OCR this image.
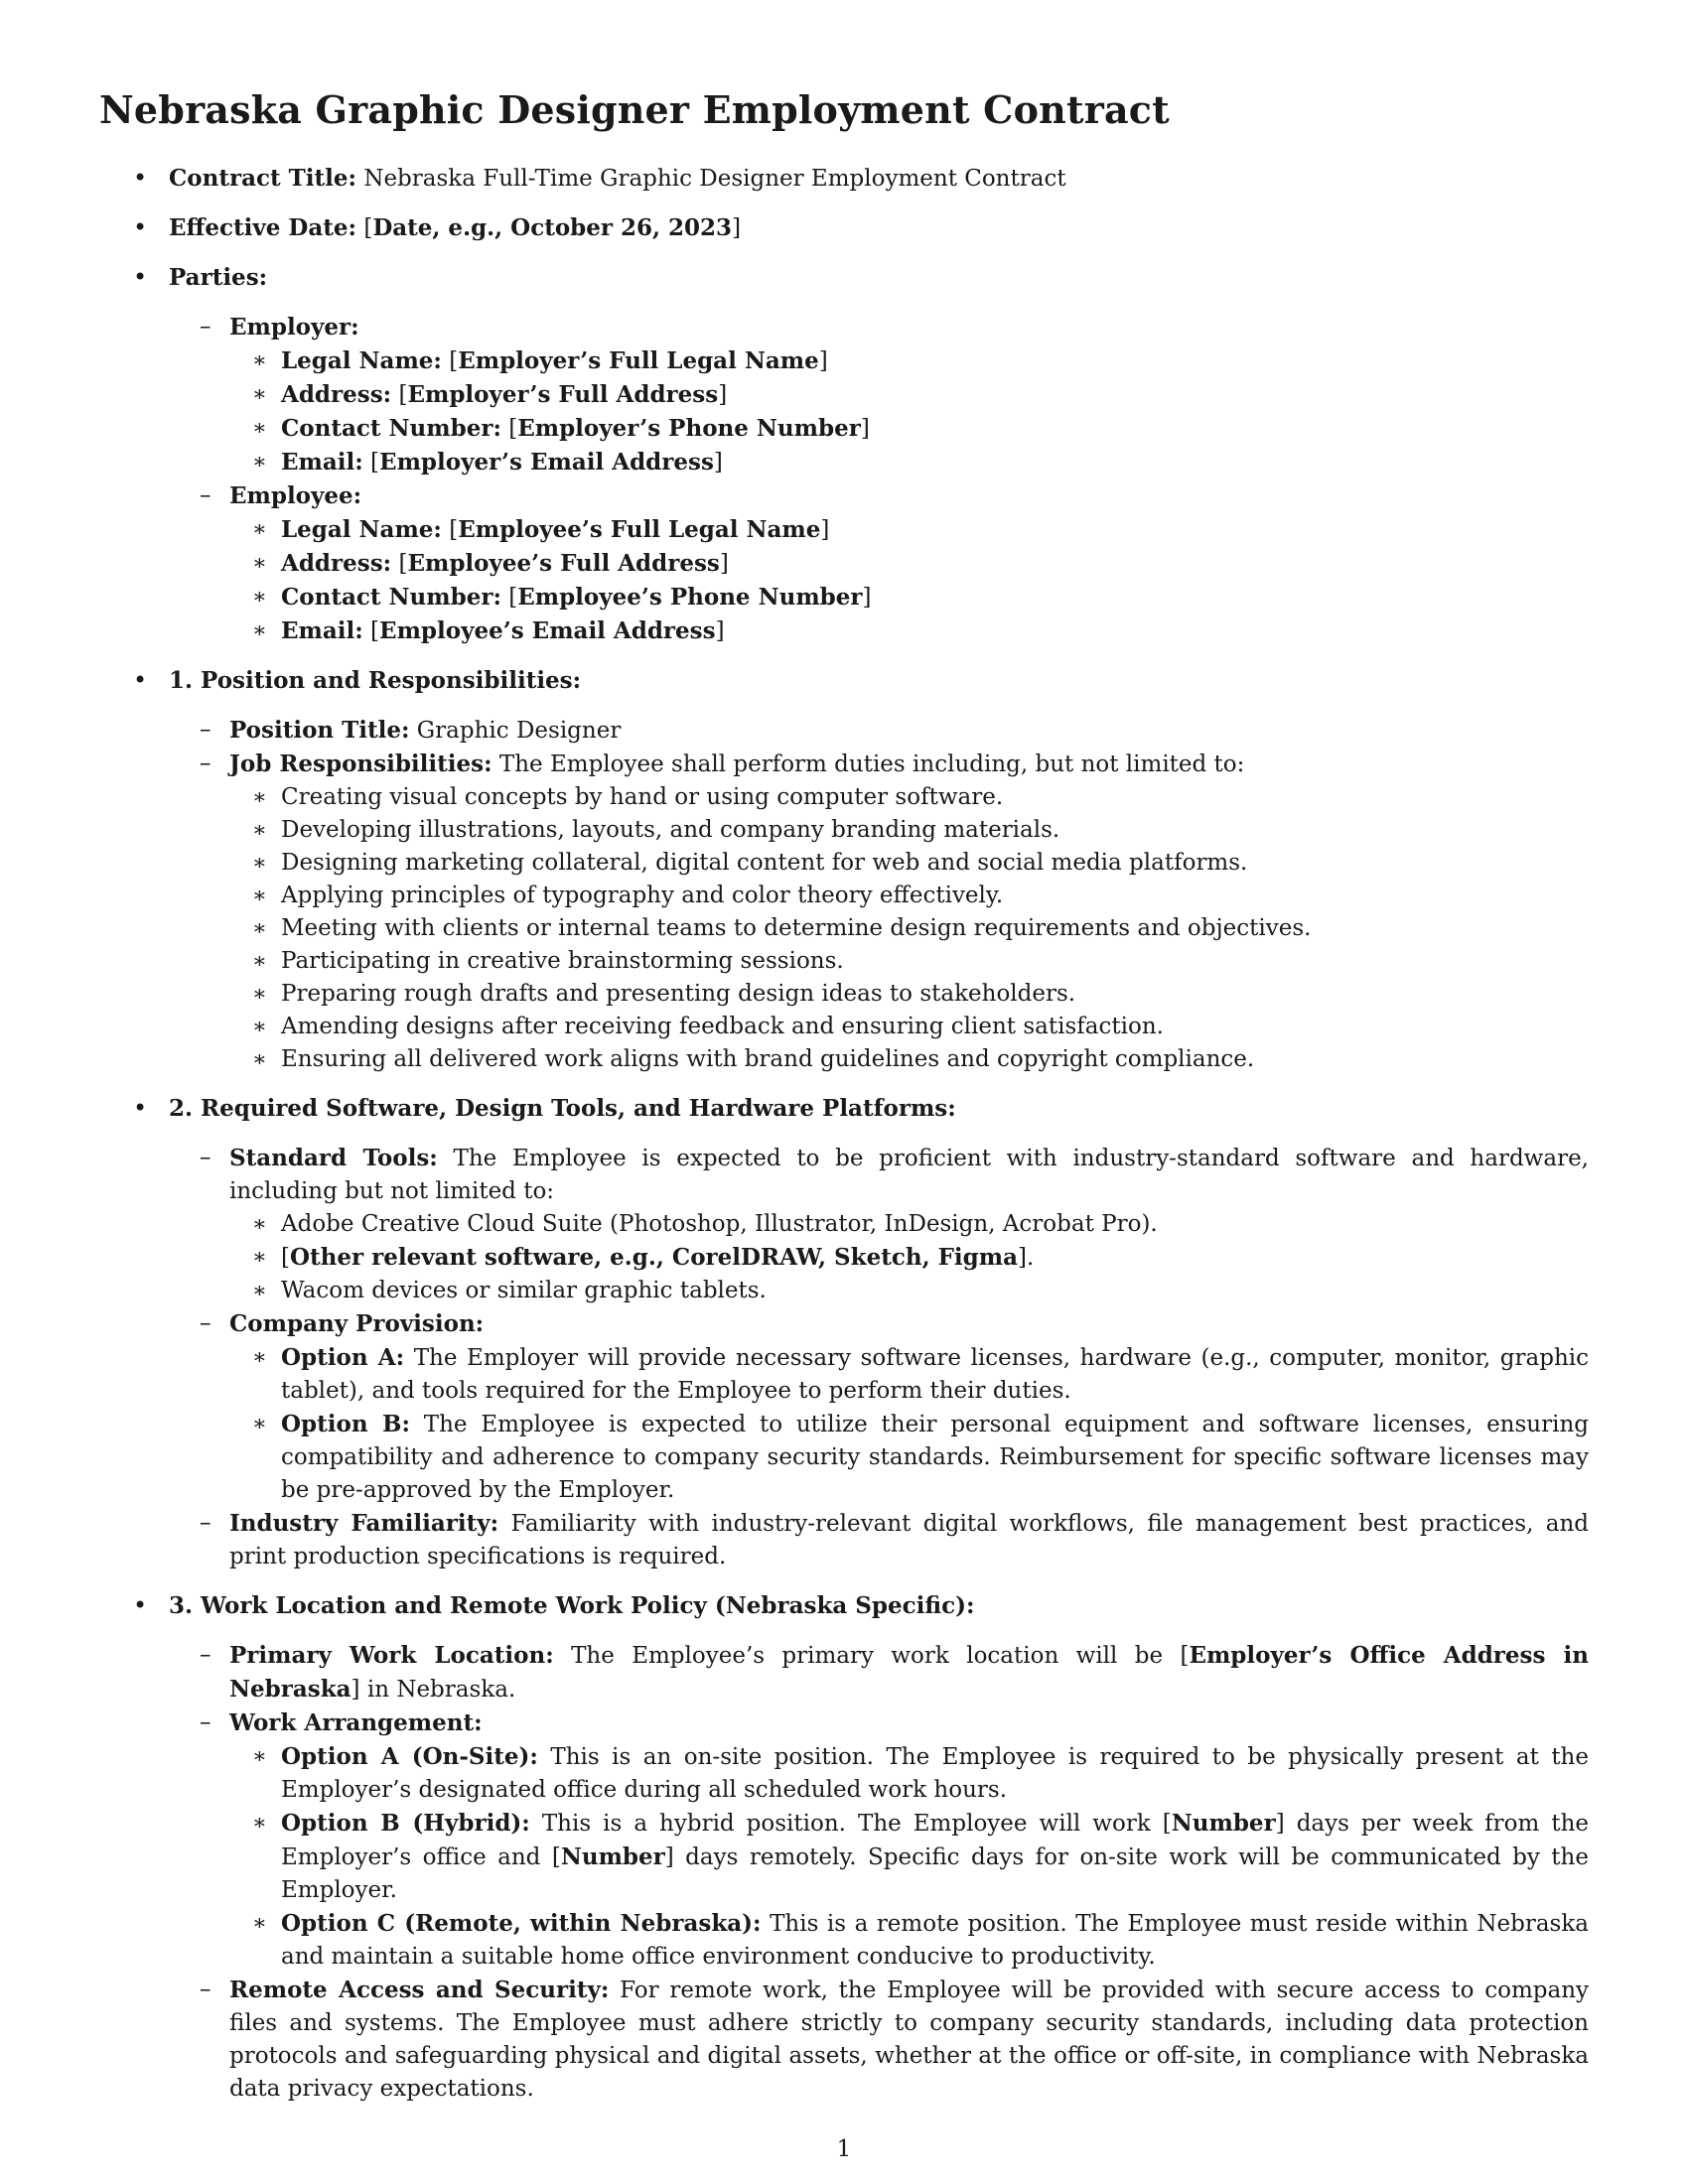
Nebraska Graphic Designer Employment Contract
• Contract Title: Nebraska Full-Time Graphic Designer Employment Contract
• Effective Date: [Date, e.g., October 26, 2023]
• Parties:
– Employer:
∗ Legal Name: [Employer’s Full Legal Name]
∗ Address: [Employer’s Full Address]
∗ Contact Number: [Employer’s Phone Number]
∗ Email: [Employer’s Email Address]
– Employee:
∗ Legal Name: [Employee’s Full Legal Name]
∗ Address: [Employee’s Full Address]
∗ Contact Number: [Employee’s Phone Number]
∗ Email: [Employee’s Email Address]
• 1. Position and Responsibilities:
– Position Title: Graphic Designer
– Job Responsibilities: The Employee shall perform duties including, but not limited to:
∗ Creating visual concepts by hand or using computer software.
∗ Developing illustrations, layouts, and company branding materials.
∗ Designing marketing collateral, digital content for web and social media platforms.
∗ Applying principles of typography and color theory effectively.
∗ Meeting with clients or internal teams to determine design requirements and objectives.
∗ Participating in creative brainstorming sessions.
∗ Preparing rough drafts and presenting design ideas to stakeholders.
∗ Amending designs after receiving feedback and ensuring client satisfaction.
∗ Ensuring all delivered work aligns with brand guidelines and copyright compliance.
• 2. Required Software, Design Tools, and Hardware Platforms:
– Standard Tools: The Employee is expected to be proficient with industry-standard software and hardware, including but not limited to:
∗ Adobe Creative Cloud Suite (Photoshop, Illustrator, InDesign, Acrobat Pro).
∗ [Other relevant software, e.g., CorelDRAW, Sketch, Figma].
∗ Wacom devices or similar graphic tablets.
– Company Provision:
∗ Option A: The Employer will provide necessary software licenses, hardware (e.g., computer, monitor, graphic tablet), and tools required for the Employee to perform their duties.
∗ Option B: The Employee is expected to utilize their personal equipment and software licenses, ensuring compatibility and adherence to company security standards. Reimbursement for specific software licenses may be pre-approved by the Employer.
– Industry Familiarity: Familiarity with industry-relevant digital workflows, file management best practices, and print production specifications is required.
• 3. Work Location and Remote Work Policy (Nebraska Specific):
– Primary Work Location: The Employee’s primary work location will be [Employer’s Office Address in Nebraska] in Nebraska.
– Work Arrangement:
∗ Option A (On-Site): This is an on-site position. The Employee is required to be physically present at the Employer’s designated office during all scheduled work hours.
∗ Option B (Hybrid): This is a hybrid position. The Employee will work [Number] days per week from the Employer’s office and [Number] days remotely. Specific days for on-site work will be communicated by the Employer.
∗ Option C (Remote, within Nebraska): This is a remote position. The Employee must reside within Nebraska and maintain a suitable home office environment conducive to productivity.
– Remote Access and Security: For remote work, the Employee will be provided with secure access to company files and systems. The Employee must adhere strictly to company security standards, including data protection protocols and safeguarding physical and digital assets, whether at the office or off-site, in compliance with Nebraska data privacy expectations.
1
